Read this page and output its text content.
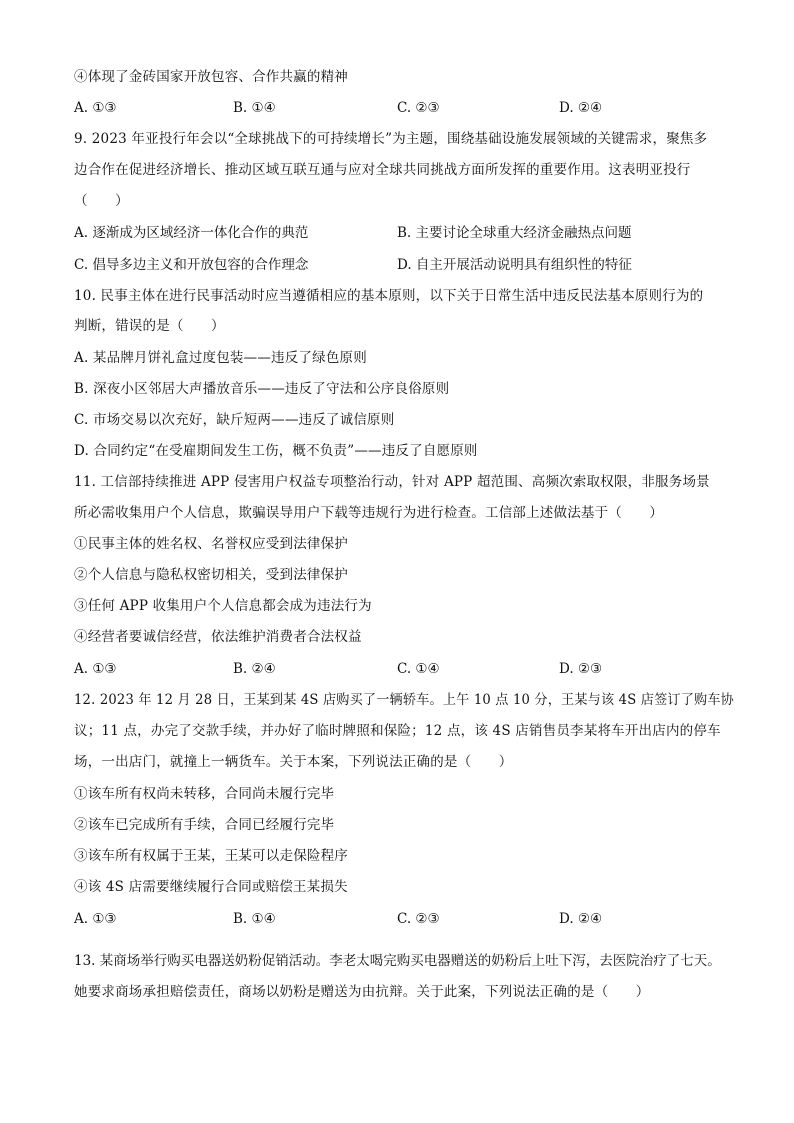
④体现了金砖国家开放包容、合作共赢的精神
A. ①③	B. ①④	C. ②③	D. ②④
9. 2023 年亚投行年会以“全球挑战下的可持续增长”为主题，围绕基础设施发展领域的关键需求，聚焦多
边合作在促进经济增长、推动区域互联互通与应对全球共同挑战方面所发挥的重要作用。这表明亚投行
（　　）
A. 逐渐成为区域经济一体化合作的典范	B. 主要讨论全球重大经济金融热点问题
C. 倡导多边主义和开放包容的合作理念	D. 自主开展活动说明具有组织性的特征
10. 民事主体在进行民事活动时应当遵循相应的基本原则，以下关于日常生活中违反民法基本原则行为的
判断，错误的是（　　）
A. 某品牌月饼礼盒过度包装——违反了绿色原则
B. 深夜小区邻居大声播放音乐——违反了守法和公序良俗原则
C. 市场交易以次充好，缺斤短两——违反了诚信原则
D. 合同约定“在受雇期间发生工伤，概不负责”——违反了自愿原则
11. 工信部持续推进 APP 侵害用户权益专项整治行动，针对 APP 超范围、高频次索取权限，非服务场景
所必需收集用户个人信息，欺骗误导用户下载等违规行为进行检查。工信部上述做法基于（　　）
①民事主体的姓名权、名誉权应受到法律保护
②个人信息与隐私权密切相关，受到法律保护
③任何 APP 收集用户个人信息都会成为违法行为
④经营者要诚信经营，依法维护消费者合法权益
A. ①③	B. ②④	C. ①④	D. ②③
12. 2023 年 12 月 28 日，王某到某 4S 店购买了一辆轿车。上午 10 点 10 分，王某与该 4S 店签订了购车协
议；11 点，办完了交款手续，并办好了临时牌照和保险；12 点，该 4S 店销售员李某将车开出店内的停车
场，一出店门，就撞上一辆货车。关于本案，下列说法正确的是（　　）
①该车所有权尚未转移，合同尚未履行完毕
②该车已完成所有手续，合同已经履行完毕
③该车所有权属于王某，王某可以走保险程序
④该 4S 店需要继续履行合同或赔偿王某损失
A. ①③	B. ①④	C. ②③	D. ②④
13. 某商场举行购买电器送奶粉促销活动。李老太喝完购买电器赠送的奶粉后上吐下泻，去医院治疗了七天。
她要求商场承担赔偿责任，商场以奶粉是赠送为由抗辩。关于此案，下列说法正确的是（　　）
